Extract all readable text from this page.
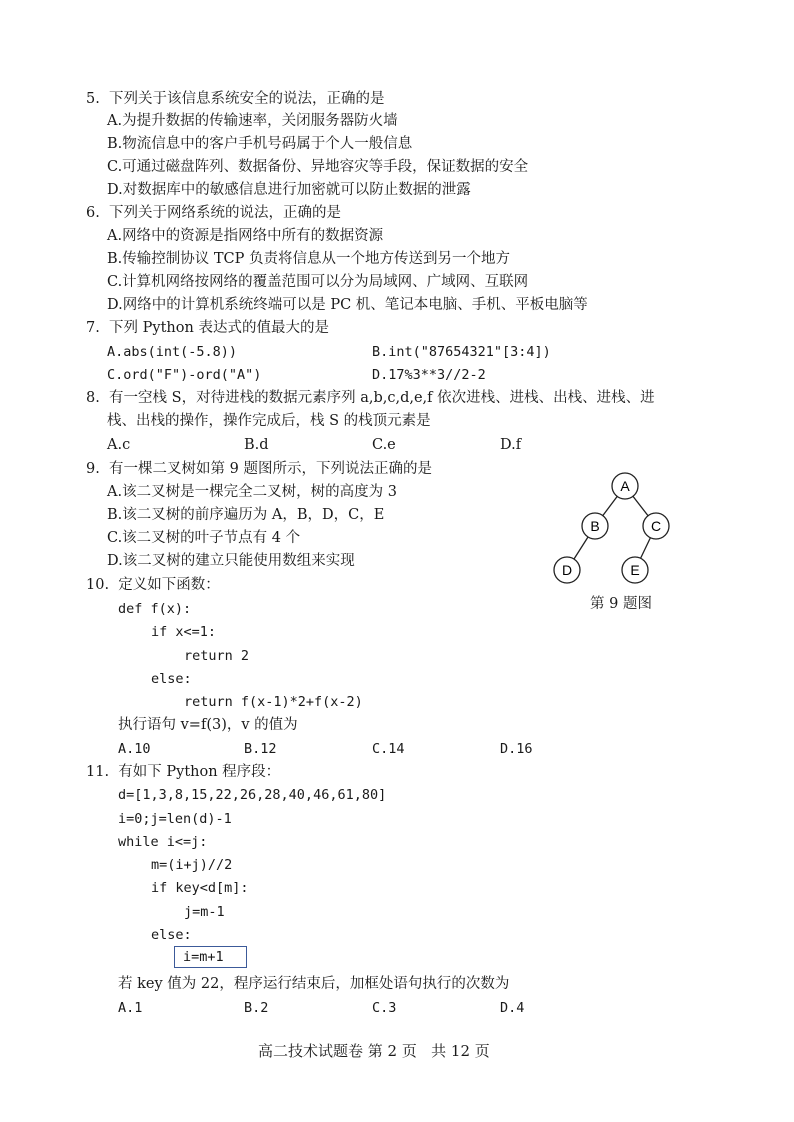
5.  下列关于该信息系统安全的说法，正确的是
A.为提升数据的传输速率，关闭服务器防火墙
B.物流信息中的客户手机号码属于个人一般信息
C.可通过磁盘阵列、数据备份、异地容灾等手段，保证数据的安全
D.对数据库中的敏感信息进行加密就可以防止数据的泄露
6.  下列关于网络系统的说法，正确的是
A.网络中的资源是指网络中所有的数据资源
B.传输控制协议 TCP 负责将信息从一个地方传送到另一个地方
C.计算机网络按网络的覆盖范围可以分为局域网、广域网、互联网
D.网络中的计算机系统终端可以是 PC 机、笔记本电脑、手机、平板电脑等
7.  下列 Python 表达式的值最大的是
A.abs(int(-5.8))	B.int("87654321"[3:4])
C.ord("F")-ord("A")	D.17%3**3//2-2
8.  有一空栈 S，对待进栈的数据元素序列 a,b,c,d,e,f 依次进栈、进栈、出栈、进栈、进
栈、出栈的操作，操作完成后，栈 S 的栈顶元素是
A.c	B.d	C.e	D.f
9.  有一棵二叉树如第 9 题图所示，下列说法正确的是
A.该二叉树是一棵完全二叉树，树的高度为 3
B.该二叉树的前序遍历为 A，B，D，C，E
C.该二叉树的叶子节点有 4 个
D.该二叉树的建立只能使用数组来实现
A
B	C
D	E
第 9 题图
10.  定义如下函数：
def f(x):
if x<=1:
return 2
else:
return f(x-1)*2+f(x-2)
执行语句 v=f(3)，v 的值为
A.10	B.12	C.14	D.16
11.  有如下 Python 程序段：
d=[1,3,8,15,22,26,28,40,46,61,80]
i=0;j=len(d)-1
while i<=j:
m=(i+j)//2
if key<d[m]:
j=m-1
else:
i=m+1
若 key 值为 22，程序运行结束后，加框处语句执行的次数为
A.1	B.2	C.3	D.4
高二技术试题卷 第 2 页   共 12 页
